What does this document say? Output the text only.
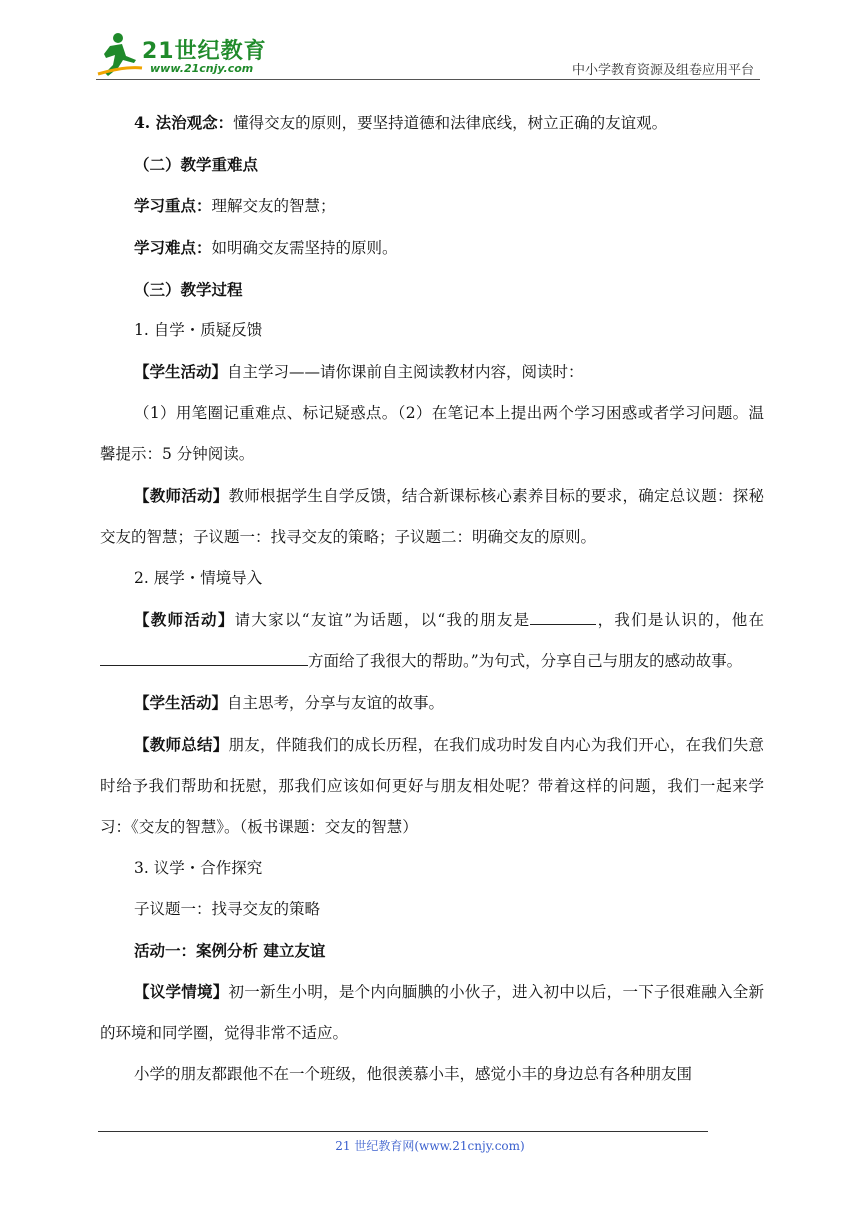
21世纪教育
www.21cnjy.com	中小学教育资源及组卷应用平台

4. 法治观念：懂得交友的原则，要坚持道德和法律底线，树立正确的友谊观。

（二）教学重难点

学习重点：理解交友的智慧；

学习难点：如明确交友需坚持的原则。

（三）教学过程

1. 自学・质疑反馈

【学生活动】自主学习——请你课前自主阅读教材内容，阅读时：

（1）用笔圈记重难点、标记疑惑点。（2）在笔记本上提出两个学习困惑或者学习问题。温馨提示：5 分钟阅读。

【教师活动】教师根据学生自学反馈，结合新课标核心素养目标的要求，确定总议题：探秘交友的智慧；子议题一：找寻交友的策略；子议题二：明确交友的原则。

2. 展学・情境导入

【教师活动】请大家以“友谊”为话题，以“我的朋友是	，我们是认识的，他在方面给了我很大的帮助。”为句式，分享自己与朋友的感动故事。

【学生活动】自主思考，分享与友谊的故事。

【教师总结】朋友，伴随我们的成长历程，在我们成功时发自内心为我们开心，在我们失意时给予我们帮助和抚慰，那我们应该如何更好与朋友相处呢？带着这样的问题，我们一起来学习：《交友的智慧》。（板书课题：交友的智慧）

3. 议学・合作探究

子议题一：找寻交友的策略

活动一：案例分析 建立友谊

【议学情境】初一新生小明，是个内向腼腆的小伙子，进入初中以后，一下子很难融入全新的环境和同学圈，觉得非常不适应。

小学的朋友都跟他不在一个班级，他很羡慕小丰，感觉小丰的身边总有各种朋友围

21 世纪教育网(www.21cnjy.com)
